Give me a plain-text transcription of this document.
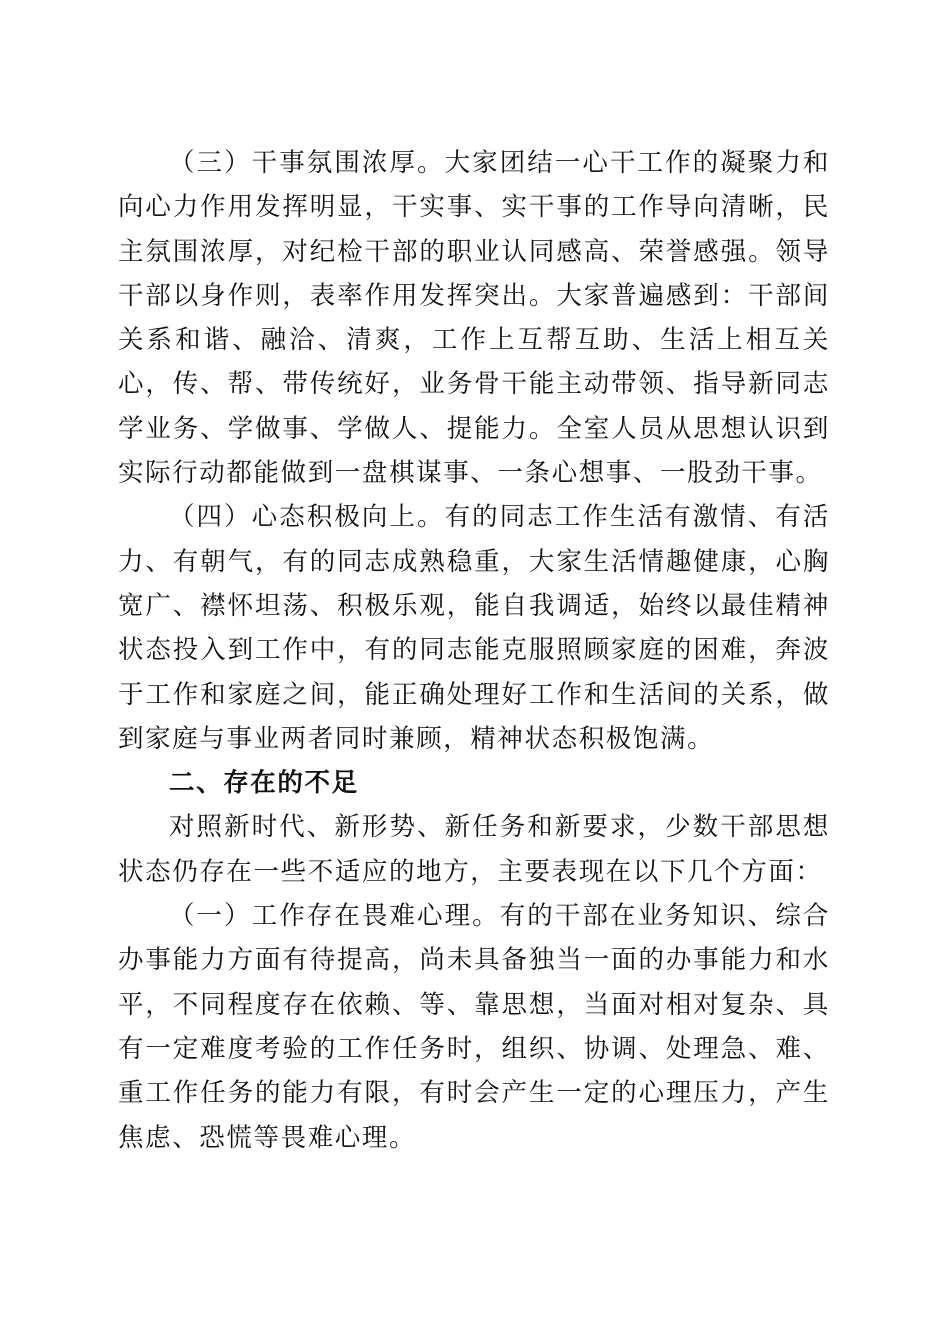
（三）干事氛围浓厚。大家团结一心干工作的凝聚力和向心力作用发挥明显，干实事、实干事的工作导向清晰，民主氛围浓厚，对纪检干部的职业认同感高、荣誉感强。领导干部以身作则，表率作用发挥突出。大家普遍感到：干部间关系和谐、融洽、清爽，工作上互帮互助、生活上相互关心，传、帮、带传统好，业务骨干能主动带领、指导新同志学业务、学做事、学做人、提能力。全室人员从思想认识到实际行动都能做到一盘棋谋事、一条心想事、一股劲干事。

（四）心态积极向上。有的同志工作生活有激情、有活力、有朝气，有的同志成熟稳重，大家生活情趣健康，心胸宽广、襟怀坦荡、积极乐观，能自我调适，始终以最佳精神状态投入到工作中，有的同志能克服照顾家庭的困难，奔波于工作和家庭之间，能正确处理好工作和生活间的关系，做到家庭与事业两者同时兼顾，精神状态积极饱满。

二、存在的不足

对照新时代、新形势、新任务和新要求，少数干部思想状态仍存在一些不适应的地方，主要表现在以下几个方面：

（一）工作存在畏难心理。有的干部在业务知识、综合办事能力方面有待提高，尚未具备独当一面的办事能力和水平，不同程度存在依赖、等、靠思想，当面对相对复杂、具有一定难度考验的工作任务时，组织、协调、处理急、难、重工作任务的能力有限，有时会产生一定的心理压力，产生焦虑、恐慌等畏难心理。
